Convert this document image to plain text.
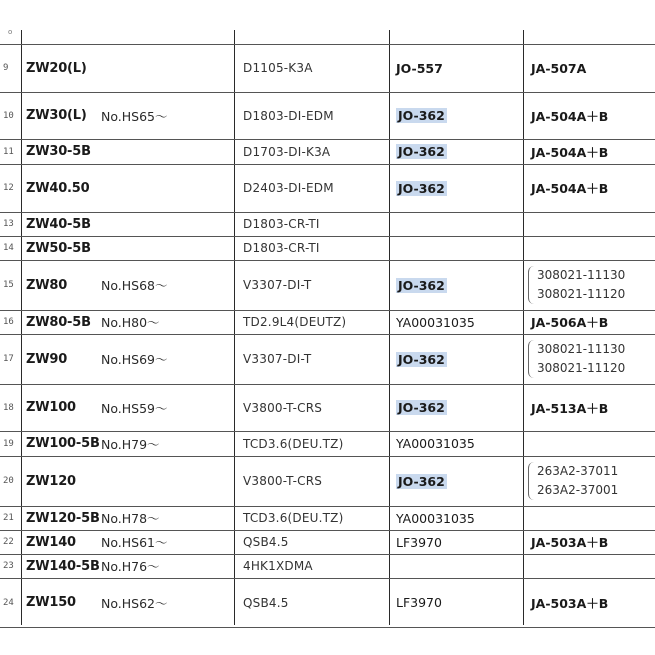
o
9	ZW20(L)	D1105-K3A	JO-557	JA-507A
10 ZW30(L) No.HS65～	D1803-DI-EDM	JO-362	JA-504A＋B
11 ZW30-5B	D1703-DI-K3A	JO-362	JA-504A＋B
12 ZW40.50	D2403-DI-EDM	JO-362	JA-504A＋B
13 ZW40-5B	D1803-CR-TI
14 ZW50-5B	D1803-CR-TI
15 ZW80	No.HS68～	V3307-DI-T	JO-362
308021-11130
308021-11120
16 ZW80-5B No.H80～	TD2.9L4(DEUTZ)	YA00031035	JA-506A＋B
17 ZW90	No.HS69～	V3307-DI-T	JO-362
308021-11130
308021-11120
18 ZW100 No.HS59～	V3800-T-CRS	JO-362	JA-513A＋B
19 ZW100-5B No.H79～	TCD3.6(DEU.TZ)	YA00031035
20 ZW120	V3800-T-CRS	JO-362
263A2-37011
263A2-37001
21 ZW120-5B No.H78～	TCD3.6(DEU.TZ)	YA00031035
22 ZW140 No.HS61～	QSB4.5	LF3970	JA-503A＋B
23 ZW140-5B No.H76～	4HK1XDMA
24 ZW150 No.HS62～	QSB4.5	LF3970	JA-503A＋B
